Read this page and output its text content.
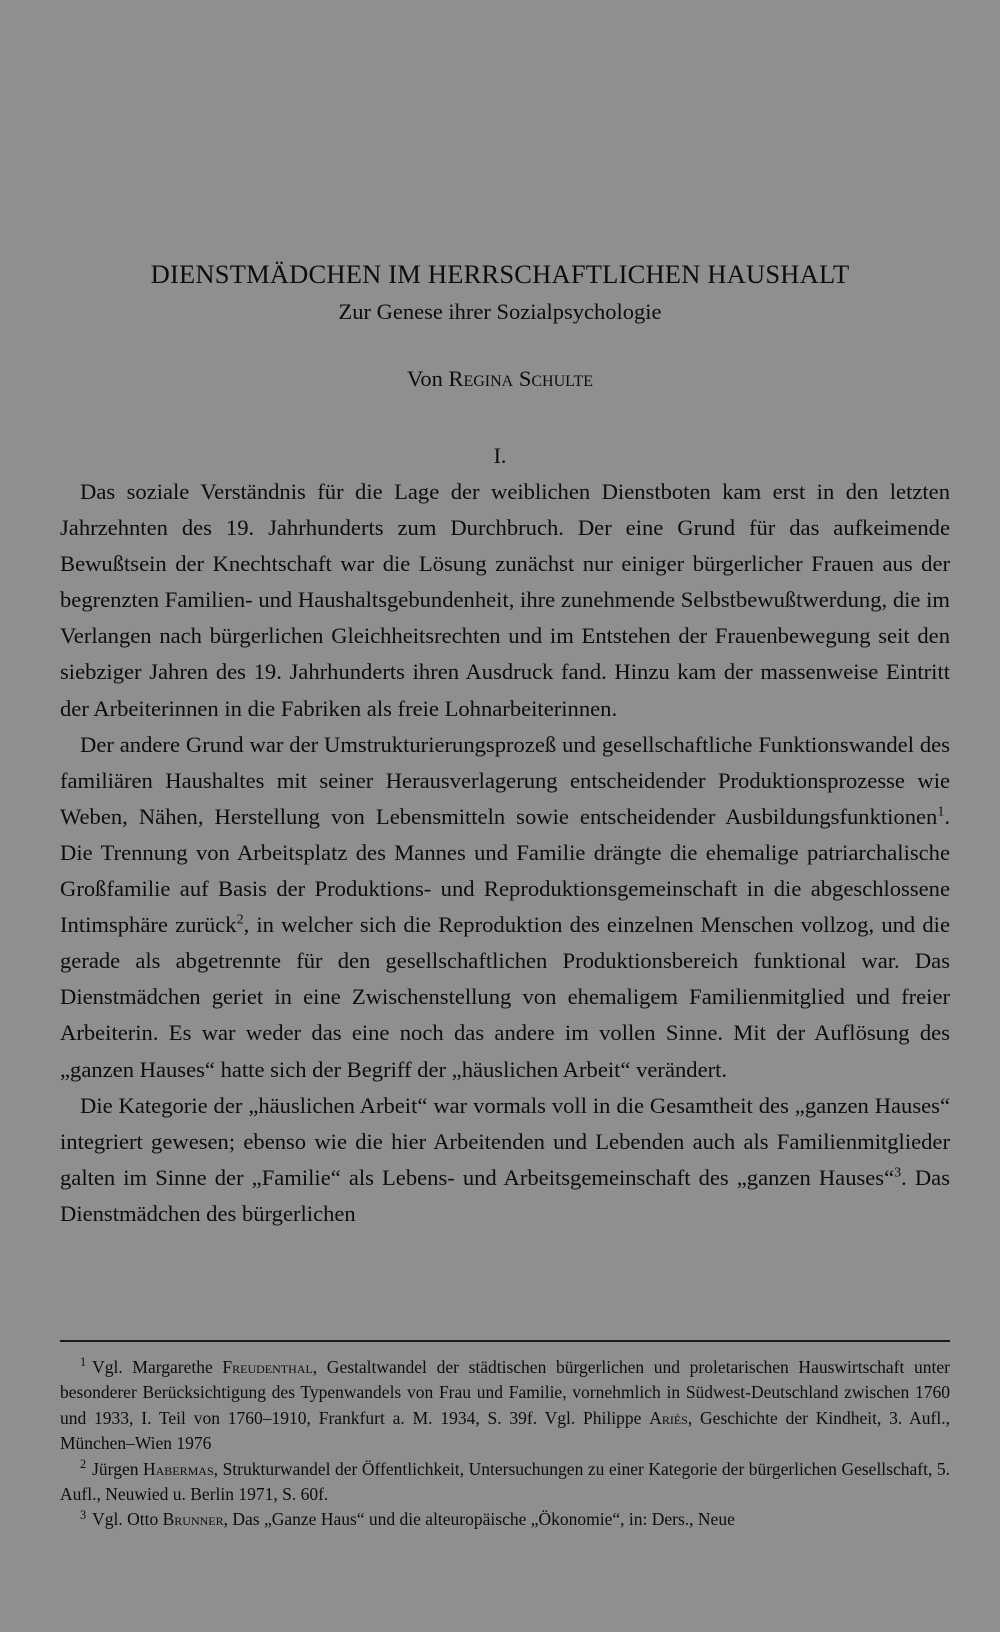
DIENSTMÄDCHEN IM HERRSCHAFTLICHEN HAUSHALT
Zur Genese ihrer Sozialpsychologie
Von Regina Schulte
I.

Das soziale Verständnis für die Lage der weiblichen Dienstboten kam erst in den letzten Jahrzehnten des 19. Jahrhunderts zum Durchbruch. Der eine Grund für das aufkeimende Bewußtsein der Knechtschaft war die Lösung zunächst nur einiger bürgerlicher Frauen aus der begrenzten Familien- und Haushaltsgebundenheit, ihre zunehmende Selbstbewußtwerdung, die im Verlangen nach bürgerlichen Gleichheitsrechten und im Entstehen der Frauenbewegung seit den siebziger Jahren des 19. Jahrhunderts ihren Ausdruck fand. Hinzu kam der massenweise Eintritt der Arbeiterinnen in die Fabriken als freie Lohnarbeiterinnen.

Der andere Grund war der Umstrukturierungsprozeß und gesellschaftliche Funktionswandel des familiären Haushaltes mit seiner Herausverlagerung entscheidender Produktionsprozesse wie Weben, Nähen, Herstellung von Lebensmitteln sowie entscheidender Ausbildungsfunktionen$^1$. Die Trennung von Arbeitsplatz des Mannes und Familie drängte die ehemalige patriarchalische Großfamilie auf Basis der Produktions- und Reproduktionsgemeinschaft in die abgeschlossene Intimsphäre zurück$^2$, in welcher sich die Reproduktion des einzelnen Menschen vollzog, und die gerade als abgetrennte für den gesellschaftlichen Produktionsbereich funktional war. Das Dienstmädchen geriet in eine Zwischenstellung von ehemaligem Familienmitglied und freier Arbeiterin. Es war weder das eine noch das andere im vollen Sinne. Mit der Auflösung des „ganzen Hauses“ hatte sich der Begriff der „häuslichen Arbeit“ verändert.

Die Kategorie der „häuslichen Arbeit“ war vormals voll in die Gesamtheit des „ganzen Hauses“ integriert gewesen; ebenso wie die hier Arbeitenden und Lebenden auch als Familienmitglieder galten im Sinne der „Familie“ als Lebens- und Arbeitsgemeinschaft des „ganzen Hauses“$^3$. Das Dienstmädchen des bürgerlichen

$^1$ Vgl. Margarethe Freudenthal, Gestaltwandel der städtischen bürgerlichen und proletarischen Hauswirtschaft unter besonderer Berücksichtigung des Typenwandels von Frau und Familie, vornehmlich in Südwest-Deutschland zwischen 1760 und 1933, I. Teil von 1760–1910, Frankfurt a. M. 1934, S. 39f. Vgl. Philippe Ariès, Geschichte der Kindheit, 3. Aufl., München–Wien 1976

$^2$ Jürgen Habermas, Strukturwandel der Öffentlichkeit, Untersuchungen zu einer Kategorie der bürgerlichen Gesellschaft, 5. Aufl., Neuwied u. Berlin 1971, S. 60f.

$^3$ Vgl. Otto Brunner, Das „Ganze Haus“ und die alteuropäische „Ökonomie“, in: Ders., Neue
